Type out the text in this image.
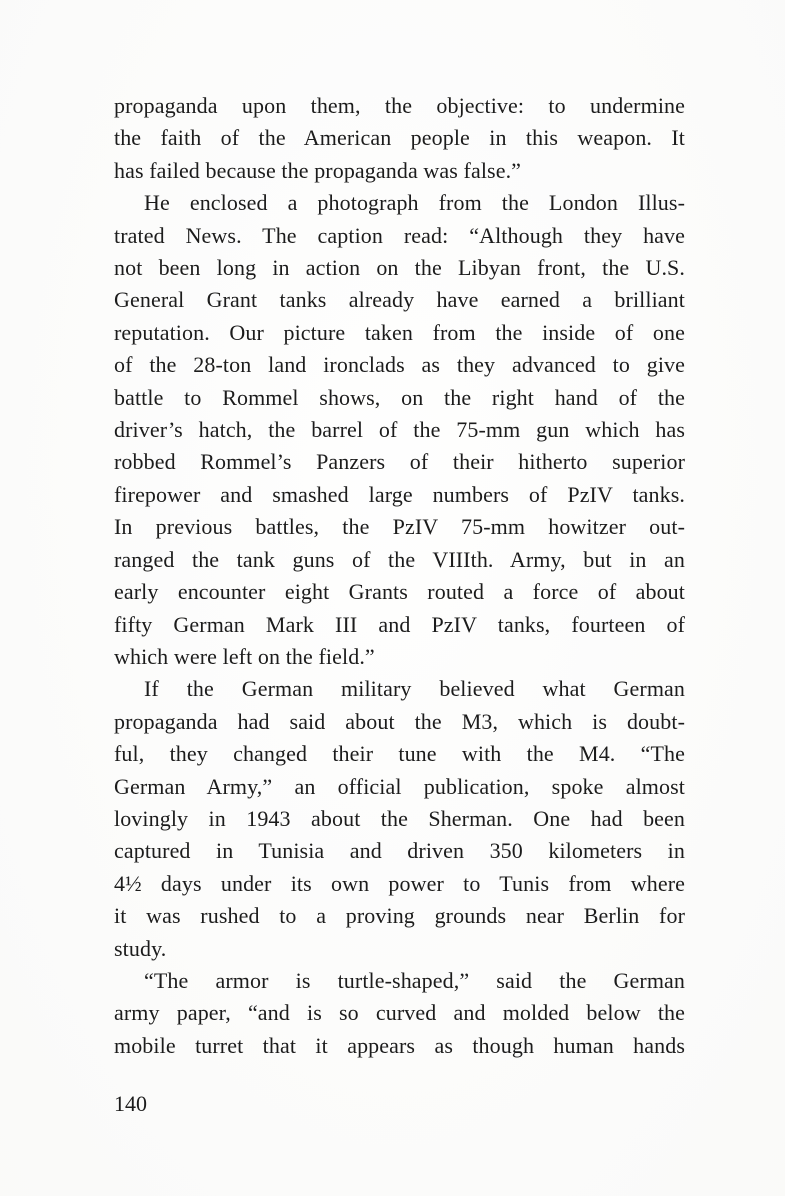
propaganda upon them, the objective: to undermine
the faith of the American people in this weapon. It
has failed because the propaganda was false.”
He enclosed a photograph from the London Illus-
trated News. The caption read: “Although they have
not been long in action on the Libyan front, the U.S.
General Grant tanks already have earned a brilliant
reputation. Our picture taken from the inside of one
of the 28-ton land ironclads as they advanced to give
battle to Rommel shows, on the right hand of the
driver’s hatch, the barrel of the 75-mm gun which has
robbed Rommel’s Panzers of their hitherto superior
firepower and smashed large numbers of PzIV tanks.
In previous battles, the PzIV 75-mm howitzer out-
ranged the tank guns of the VIIIth. Army, but in an
early encounter eight Grants routed a force of about
fifty German Mark III and PzIV tanks, fourteen of
which were left on the field.”
If the German military believed what German
propaganda had said about the M3, which is doubt-
ful, they changed their tune with the M4. “The
German Army,” an official publication, spoke almost
lovingly in 1943 about the Sherman. One had been
captured in Tunisia and driven 350 kilometers in
4½ days under its own power to Tunis from where
it was rushed to a proving grounds near Berlin for
study.
“The armor is turtle-shaped,” said the German
army paper, “and is so curved and molded below the
mobile turret that it appears as though human hands
140
